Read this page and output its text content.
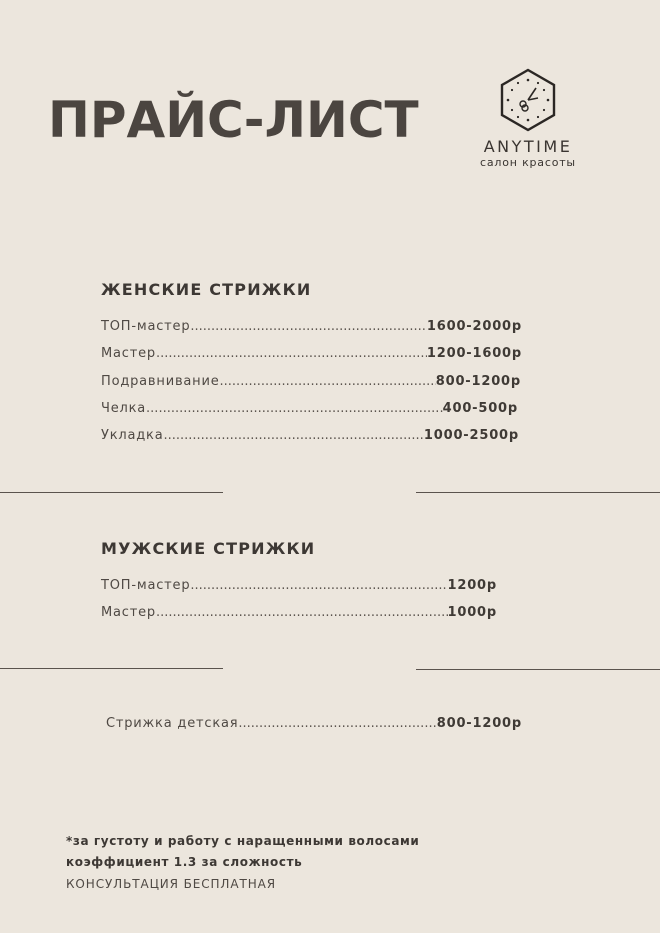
ПРАЙС-ЛИСТ	ANYTIME
салон красоты
ЖЕНСКИЕ СТРИЖКИ
ТОП-мастер .....	1600-2000р
Мастер .....	1200-1600р
Подравнивание .....	800-1200р
Челка .....	400-500р
Укладка .....	1000-2500р
МУЖСКИЕ СТРИЖКИ
ТОП-мастер .....	1200р
Мастер .....	1000р
Стрижка детская .....	800-1200р

*за густоту и работу с наращенными волосами

коэффициент 1.3 за сложность

КОНСУЛЬТАЦИЯ БЕСПЛАТНАЯ
